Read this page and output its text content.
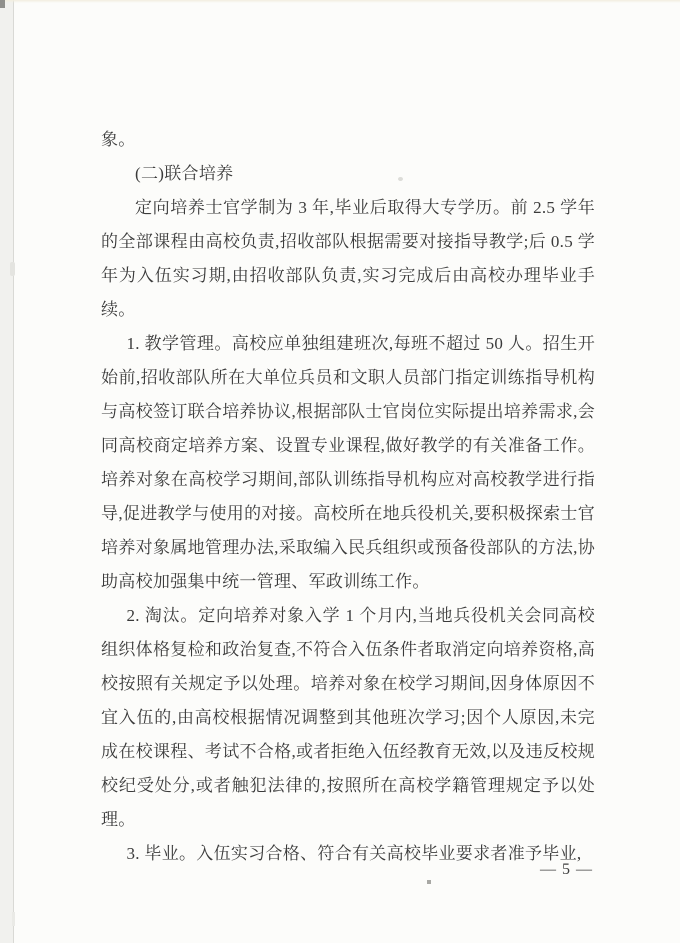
象。

(二)联合培养

定向培养士官学制为 3 年,毕业后取得大专学历。前 2.5 学年的全部课程由高校负责,招收部队根据需要对接指导教学;后 0.5 学年为入伍实习期,由招收部队负责,实习完成后由高校办理毕业手续。

1. 教学管理。高校应单独组建班次,每班不超过 50 人。招生开始前,招收部队所在大单位兵员和文职人员部门指定训练指导机构与高校签订联合培养协议,根据部队士官岗位实际提出培养需求,会同高校商定培养方案、设置专业课程,做好教学的有关准备工作。培养对象在高校学习期间,部队训练指导机构应对高校教学进行指导,促进教学与使用的对接。高校所在地兵役机关,要积极探索士官培养对象属地管理办法,采取编入民兵组织或预备役部队的方法,协助高校加强集中统一管理、军政训练工作。

2. 淘汰。定向培养对象入学 1 个月内,当地兵役机关会同高校组织体格复检和政治复查,不符合入伍条件者取消定向培养资格,高校按照有关规定予以处理。培养对象在校学习期间,因身体原因不宜入伍的,由高校根据情况调整到其他班次学习;因个人原因,未完成在校课程、考试不合格,或者拒绝入伍经教育无效,以及违反校规校纪受处分,或者触犯法律的,按照所在高校学籍管理规定予以处理。

3. 毕业。入伍实习合格、符合有关高校毕业要求者准予毕业,

— 5 —
